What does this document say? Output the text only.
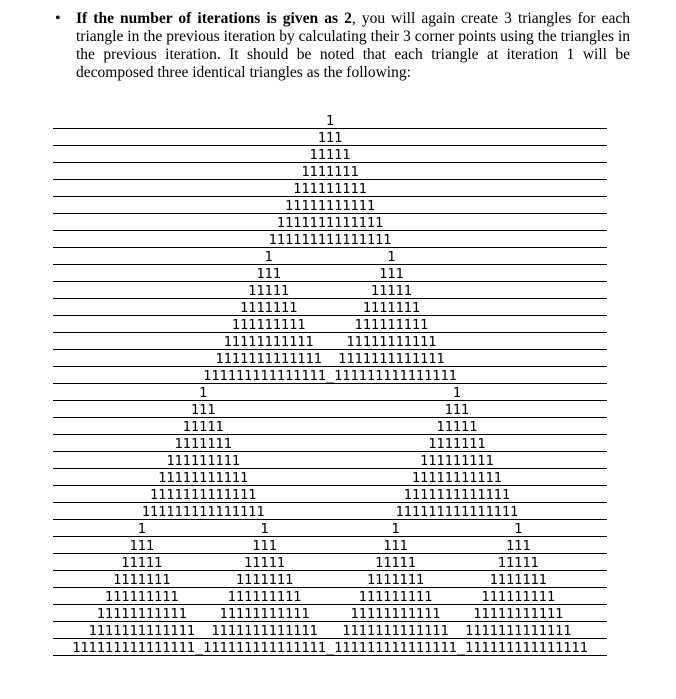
• If the number of iterations is given as 2, you will again create 3 triangles for each triangle in the previous iteration by calculating their 3 corner points using the triangles in the previous iteration. It should be noted that each triangle at iteration 1 will be decomposed three identical triangles as the following:
1
111
11111
1111111
111111111
11111111111
1111111111111
111111111111111
1              1
111            111
11111          11111
1111111        1111111
111111111      111111111
11111111111    11111111111
1111111111111  1111111111111
111111111111111_111111111111111
1                              1
111                            111
11111                          11111
1111111                        1111111
111111111                      111111111
11111111111                    11111111111
1111111111111                  1111111111111
111111111111111                111111111111111
1              1               1              1
111            111             111            111
11111          11111           11111          11111
1111111        1111111         1111111        1111111
111111111      111111111       111111111      111111111
11111111111    11111111111     11111111111    11111111111
1111111111111  1111111111111   1111111111111  1111111111111
111111111111111_111111111111111_111111111111111_111111111111111
